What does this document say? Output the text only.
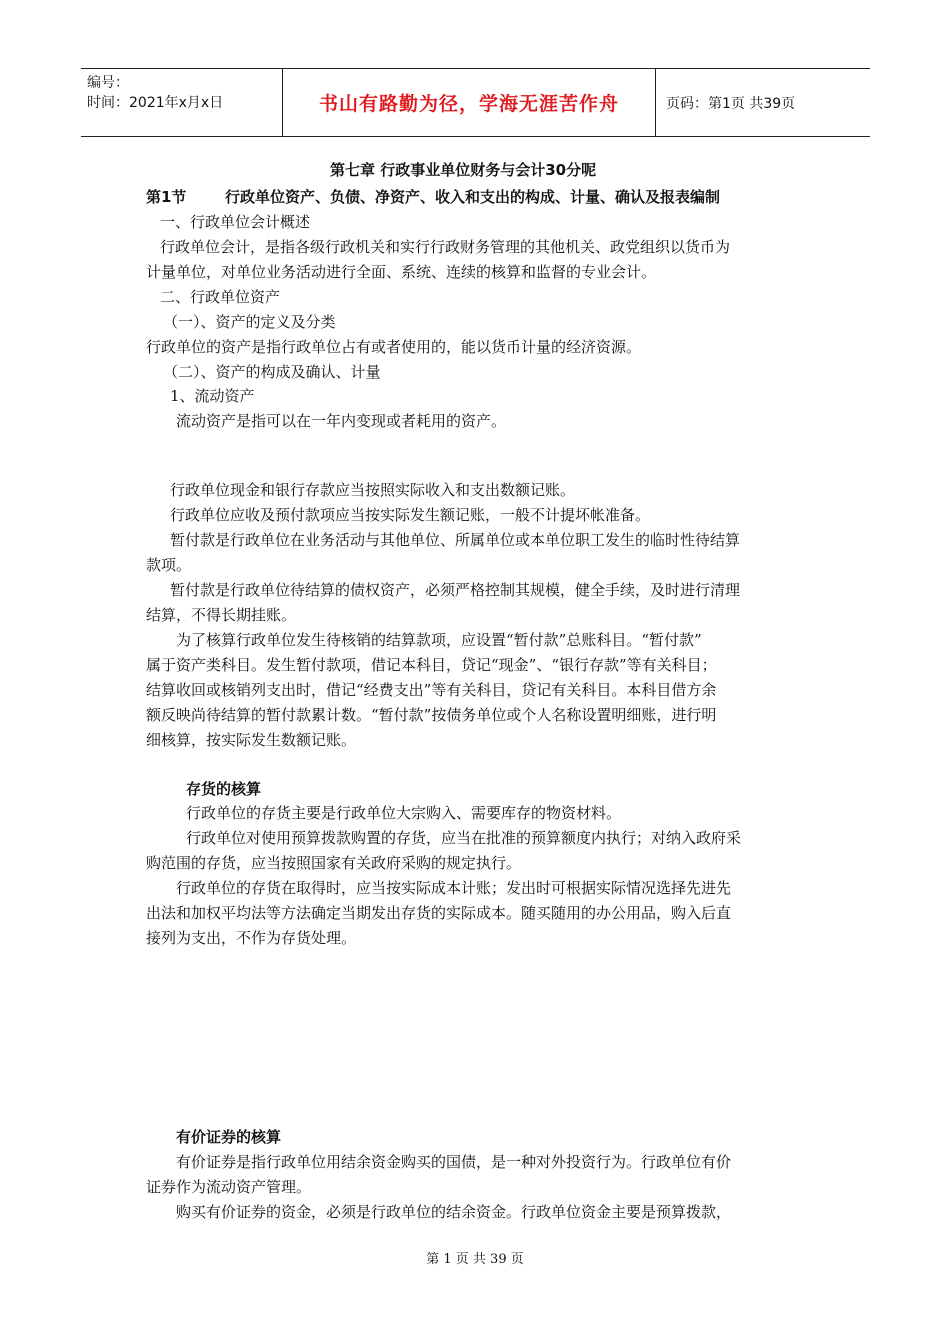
编号：
时间：2021年x月x日	书山有路勤为径，学海无涯苦作舟	页码：第1页 共39页
第七章 行政事业单位财务与会计30分呢
第1节	行政单位资产、负债、净资产、收入和支出的构成、计量、确认及报表编制
一、行政单位会计概述
行政单位会计，是指各级行政机关和实行行政财务管理的其他机关、政党组织以货币为
计量单位，对单位业务活动进行全面、系统、连续的核算和监督的专业会计。
二、行政单位资产
（一）、资产的定义及分类
行政单位的资产是指行政单位占有或者使用的，能以货币计量的经济资源。
（二）、资产的构成及确认、计量
1、流动资产
流动资产是指可以在一年内变现或者耗用的资产。
行政单位现金和银行存款应当按照实际收入和支出数额记账。
行政单位应收及预付款项应当按实际发生额记账，一般不计提坏帐准备。
暂付款是行政单位在业务活动与其他单位、所属单位或本单位职工发生的临时性待结算
款项。
暂付款是行政单位待结算的债权资产，必须严格控制其规模，健全手续，及时进行清理
结算，不得长期挂账。
为了核算行政单位发生待核销的结算款项，应设置“暂付款”总账科目。“暂付款”
属于资产类科目。发生暂付款项，借记本科目，贷记“现金”、“银行存款”等有关科目；
结算收回或核销列支出时，借记“经费支出”等有关科目，贷记有关科目。本科目借方余
额反映尚待结算的暂付款累计数。“暂付款”按债务单位或个人名称设置明细账，进行明
细核算，按实际发生数额记账。
存货的核算
行政单位的存货主要是行政单位大宗购入、需要库存的物资材料。
行政单位对使用预算拨款购置的存货，应当在批准的预算额度内执行；对纳入政府采
购范围的存货，应当按照国家有关政府采购的规定执行。
行政单位的存货在取得时，应当按实际成本计账；发出时可根据实际情况选择先进先
出法和加权平均法等方法确定当期发出存货的实际成本。随买随用的办公用品，购入后直
接列为支出，不作为存货处理。
有价证券的核算
有价证券是指行政单位用结余资金购买的国债，是一种对外投资行为。行政单位有价
证券作为流动资产管理。
购买有价证券的资金，必须是行政单位的结余资金。行政单位资金主要是预算拨款，
第 1 页 共 39 页
